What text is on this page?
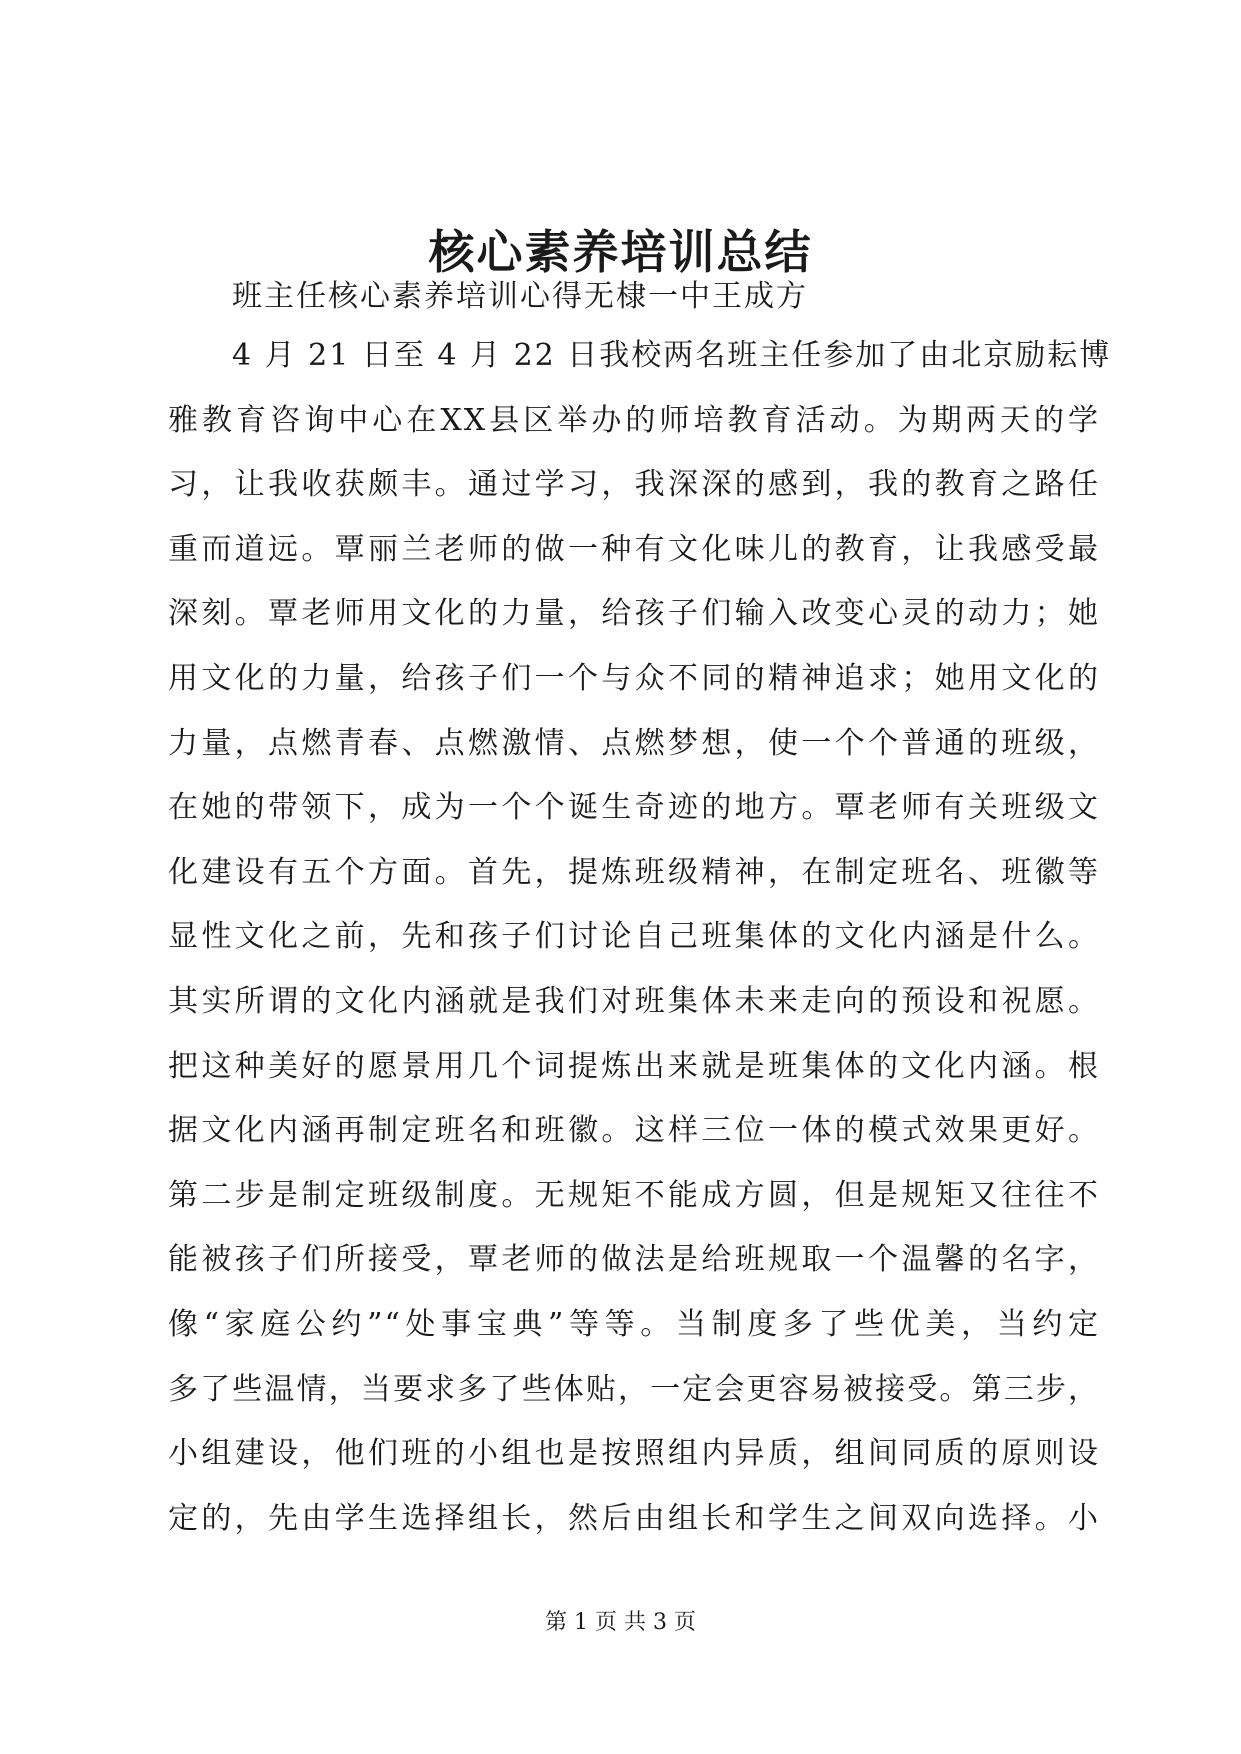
核心素养培训总结

班主任核心素养培训心得无棣一中王成方

4 月 21 日至 4 月 22 日我校两名班主任参加了由北京励耘博
雅教育咨询中心在XX县区举办的师培教育活动。为期两天的学
习，让我收获颇丰。通过学习，我深深的感到，我的教育之路任
重而道远。覃丽兰老师的做一种有文化味儿的教育，让我感受最
深刻。覃老师用文化的力量，给孩子们输入改变心灵的动力；她
用文化的力量，给孩子们一个与众不同的精神追求；她用文化的
力量，点燃青春、点燃激情、点燃梦想，使一个个普通的班级，
在她的带领下，成为一个个诞生奇迹的地方。覃老师有关班级文
化建设有五个方面。首先，提炼班级精神，在制定班名、班徽等
显性文化之前，先和孩子们讨论自己班集体的文化内涵是什么。
其实所谓的文化内涵就是我们对班集体未来走向的预设和祝愿。
把这种美好的愿景用几个词提炼出来就是班集体的文化内涵。根
据文化内涵再制定班名和班徽。这样三位一体的模式效果更好。
第二步是制定班级制度。无规矩不能成方圆，但是规矩又往往不
能被孩子们所接受，覃老师的做法是给班规取一个温馨的名字，
像“家庭公约”“处事宝典”等等。当制度多了些优美，当约定
多了些温情，当要求多了些体贴，一定会更容易被接受。第三步，
小组建设，他们班的小组也是按照组内异质，组间同质的原则设
定的，先由学生选择组长，然后由组长和学生之间双向选择。小

第 1 页 共 3 页
